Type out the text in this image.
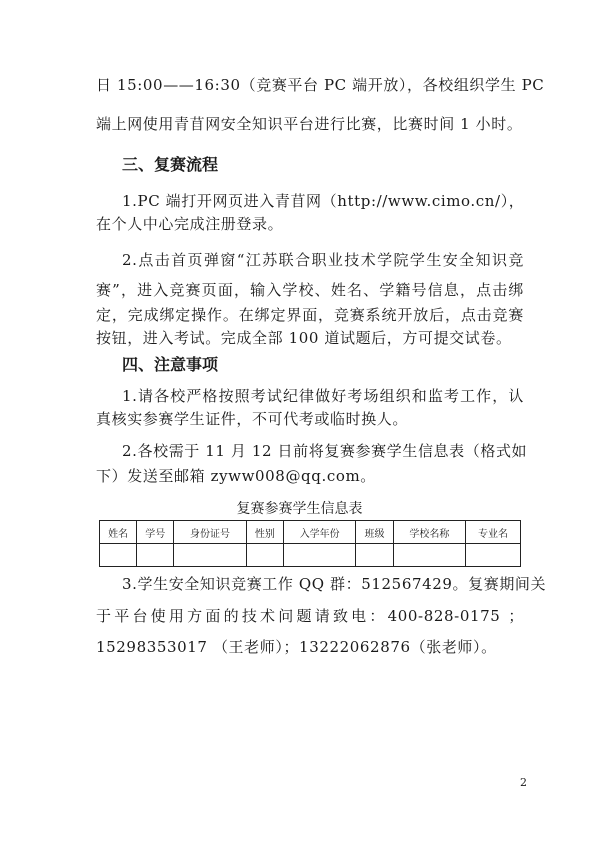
日 15:00——16:30（竞赛平台 PC 端开放），各校组织学生 PC
端上网使用青苜网安全知识平台进行比赛，比赛时间 1 小时。
三、复赛流程
1.PC 端打开网页进入青苜网（http://www.cimo.cn/），
在个人中心完成注册登录。
2.点击首页弹窗“江苏联合职业技术学院学生安全知识竞
赛”，进入竞赛页面，输入学校、姓名、学籍号信息，点击绑
定，完成绑定操作。在绑定界面，竞赛系统开放后，点击竞赛
按钮，进入考试。完成全部 100 道试题后，方可提交试卷。
四、注意事项
1.请各校严格按照考试纪律做好考场组织和监考工作，认
真核实参赛学生证件，不可代考或临时换人。
2.各校需于 11 月 12 日前将复赛参赛学生信息表（格式如
下）发送至邮箱 zyww008@qq.com。
复赛参赛学生信息表
姓名	学号	身份证号	性别	入学年份	班级	学校名称	专业名

3.学生安全知识竞赛工作 QQ 群：512567429。复赛期间关
于平台使用方面的技术问题请致电：400-828-0175 ；
15298353017 （王老师）；13222062876（张老师）。
2
